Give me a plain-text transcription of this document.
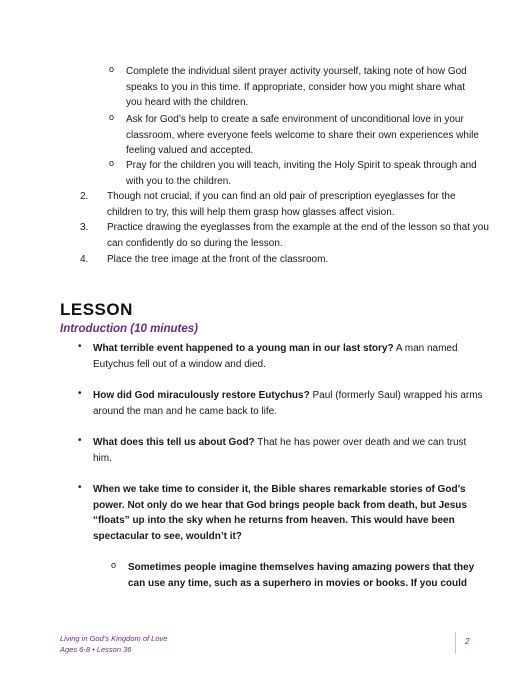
o Complete the individual silent prayer activity yourself, taking note of how God speaks to you in this time. If appropriate, consider how you might share what you heard with the children.

o Ask for God’s help to create a safe environment of unconditional love in your classroom, where everyone feels welcome to share their own experiences while feeling valued and accepted.

o Pray for the children you will teach, inviting the Holy Spirit to speak through and with you to the children.

2. Though not crucial, if you can find an old pair of prescription eyeglasses for the children to try, this will help them grasp how glasses affect vision.

3. Practice drawing the eyeglasses from the example at the end of the lesson so that you can confidently do so during the lesson.

4. Place the tree image at the front of the classroom.

LESSON
Introduction (10 minutes)
• What terrible event happened to a young man in our last story? A man named Eutychus fell out of a window and died.

• How did God miraculously restore Eutychus? Paul (formerly Saul) wrapped his arms around the man and he came back to life.

• What does this tell us about God? That he has power over death and we can trust him.

• When we take time to consider it, the Bible shares remarkable stories of God’s power. Not only do we hear that God brings people back from death, but Jesus “floats” up into the sky when he returns from heaven. This would have been spectacular to see, wouldn’t it?

o Sometimes people imagine themselves having amazing powers that they can use any time, such as a superhero in movies or books. If you could

Living in God’s Kingdom of Love
Ages 6-8 • Lesson 36
2
